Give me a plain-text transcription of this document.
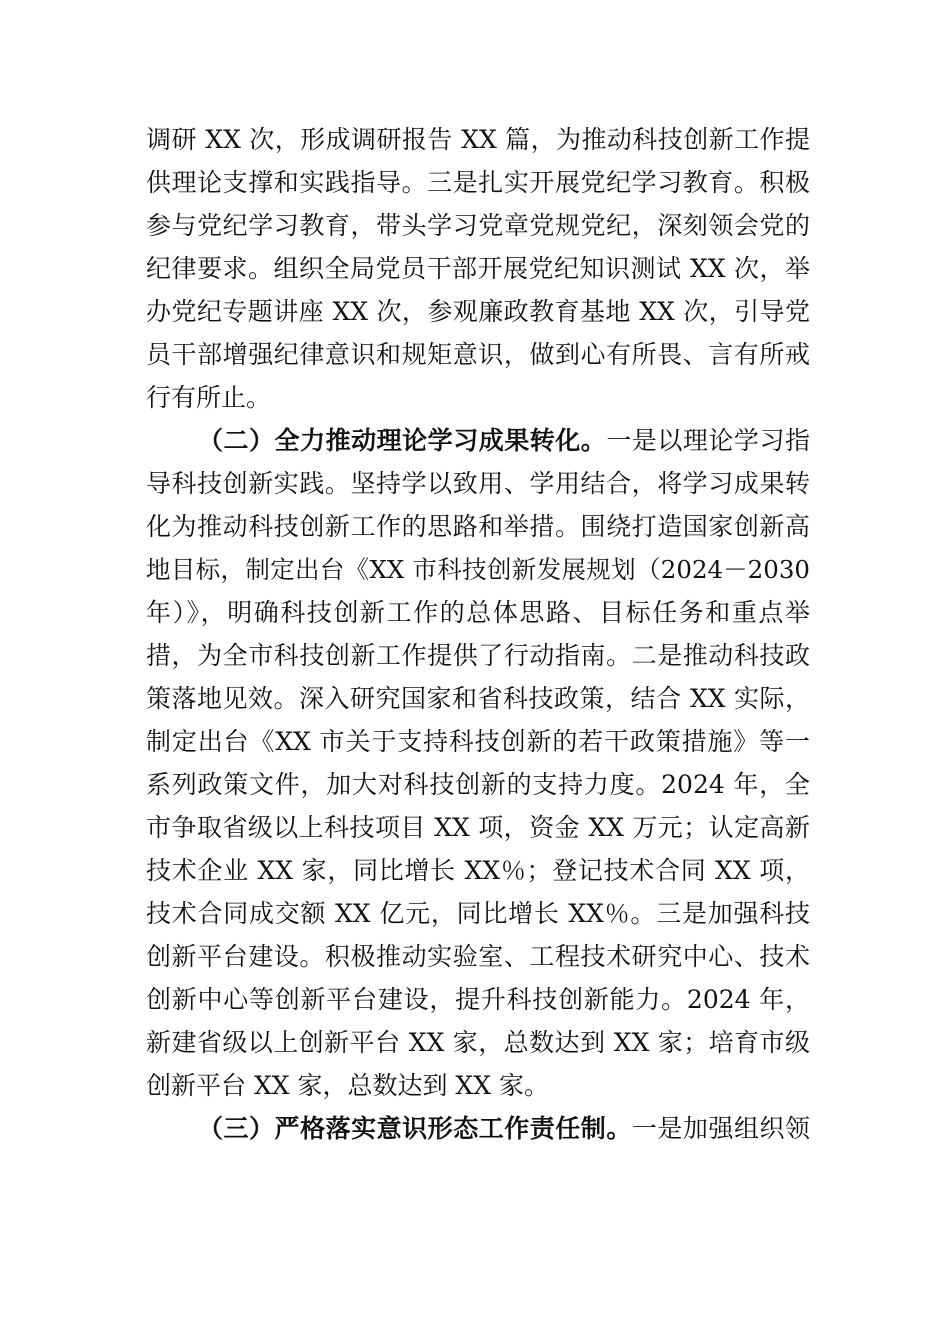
调研 XX 次，形成调研报告 XX 篇，为推动科技创新工作提
供理论支撑和实践指导。三是扎实开展党纪学习教育。积极
参与党纪学习教育，带头学习党章党规党纪，深刻领会党的
纪律要求。组织全局党员干部开展党纪知识测试 XX 次，举
办党纪专题讲座 XX 次，参观廉政教育基地 XX 次，引导党
员干部增强纪律意识和规矩意识，做到心有所畏、言有所戒
行有所止。
（二）全力推动理论学习成果转化。一是以理论学习指
导科技创新实践。坚持学以致用、学用结合，将学习成果转
化为推动科技创新工作的思路和举措。围绕打造国家创新高
地目标，制定出台《XX 市科技创新发展规划（2024－2030
年）》，明确科技创新工作的总体思路、目标任务和重点举
措，为全市科技创新工作提供了行动指南。二是推动科技政
策落地见效。深入研究国家和省科技政策，结合 XX 实际，
制定出台《XX 市关于支持科技创新的若干政策措施》等一
系列政策文件，加大对科技创新的支持力度。2024 年，全
市争取省级以上科技项目 XX 项，资金 XX 万元；认定高新
技术企业 XX 家，同比增长 XX％；登记技术合同 XX 项，
技术合同成交额 XX 亿元，同比增长 XX％。三是加强科技
创新平台建设。积极推动实验室、工程技术研究中心、技术
创新中心等创新平台建设，提升科技创新能力。2024 年，
新建省级以上创新平台 XX 家，总数达到 XX 家；培育市级
创新平台 XX 家，总数达到 XX 家。
（三）严格落实意识形态工作责任制。一是加强组织领
